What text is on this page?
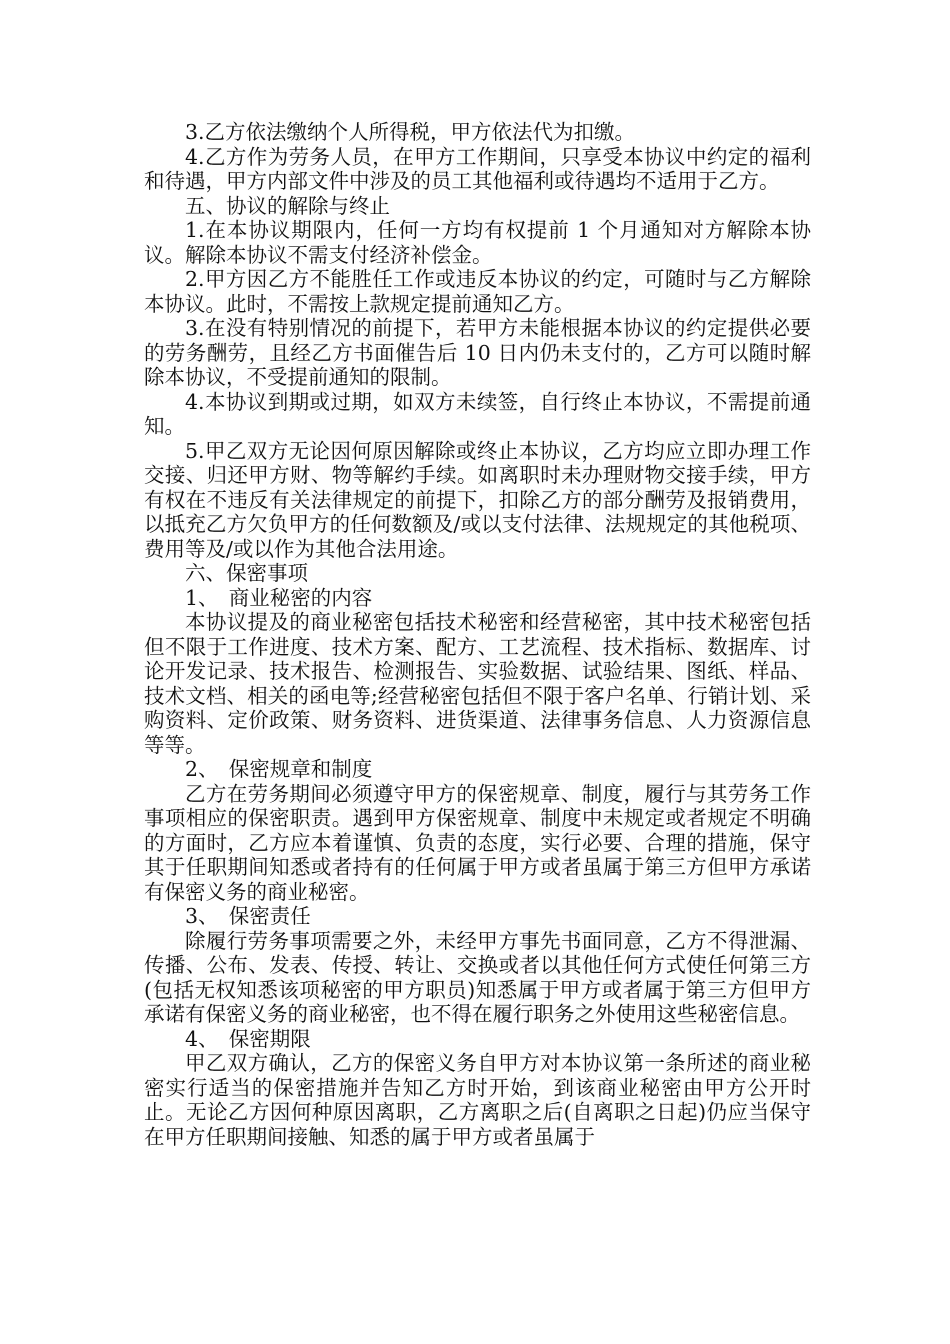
3.乙方依法缴纳个人所得税，甲方依法代为扣缴。

4.乙方作为劳务人员，在甲方工作期间，只享受本协议中约定的福利和待遇，甲方内部文件中涉及的员工其他福利或待遇均不适用于乙方。

五、协议的解除与终止

1.在本协议期限内，任何一方均有权提前 1 个月通知对方解除本协议。解除本协议不需支付经济补偿金。

2.甲方因乙方不能胜任工作或违反本协议的约定，可随时与乙方解除本协议。此时，不需按上款规定提前通知乙方。

3.在没有特别情况的前提下，若甲方未能根据本协议的约定提供必要的劳务酬劳，且经乙方书面催告后 10 日内仍未支付的，乙方可以随时解除本协议，不受提前通知的限制。

4.本协议到期或过期，如双方未续签，自行终止本协议，不需提前通知。

5.甲乙双方无论因何原因解除或终止本协议，乙方均应立即办理工作交接、归还甲方财、物等解约手续。如离职时未办理财物交接手续，甲方有权在不违反有关法律规定的前提下，扣除乙方的部分酬劳及报销费用，以抵充乙方欠负甲方的任何数额及/或以支付法律、法规规定的其他税项、费用等及/或以作为其他合法用途。

六、保密事项

1、　商业秘密的内容

本协议提及的商业秘密包括技术秘密和经营秘密，其中技术秘密包括但不限于工作进度、技术方案、配方、工艺流程、技术指标、数据库、讨论开发记录、技术报告、检测报告、实验数据、试验结果、图纸、样品、技术文档、相关的函电等;经营秘密包括但不限于客户名单、行销计划、采购资料、定价政策、财务资料、进货渠道、法律事务信息、人力资源信息等等。

2、　保密规章和制度

乙方在劳务期间必须遵守甲方的保密规章、制度，履行与其劳务工作事项相应的保密职责。遇到甲方保密规章、制度中未规定或者规定不明确的方面时，乙方应本着谨慎、负责的态度，实行必要、合理的措施，保守其于任职期间知悉或者持有的任何属于甲方或者虽属于第三方但甲方承诺有保密义务的商业秘密。

3、　保密责任

除履行劳务事项需要之外，未经甲方事先书面同意，乙方不得泄漏、传播、公布、发表、传授、转让、交换或者以其他任何方式使任何第三方(包括无权知悉该项秘密的甲方职员)知悉属于甲方或者属于第三方但甲方承诺有保密义务的商业秘密，也不得在履行职务之外使用这些秘密信息。

4、　保密期限

甲乙双方确认，乙方的保密义务自甲方对本协议第一条所述的商业秘密实行适当的保密措施并告知乙方时开始，到该商业秘密由甲方公开时止。无论乙方因何种原因离职，乙方离职之后(自离职之日起)仍应当保守在甲方任职期间接触、知悉的属于甲方或者虽属于
